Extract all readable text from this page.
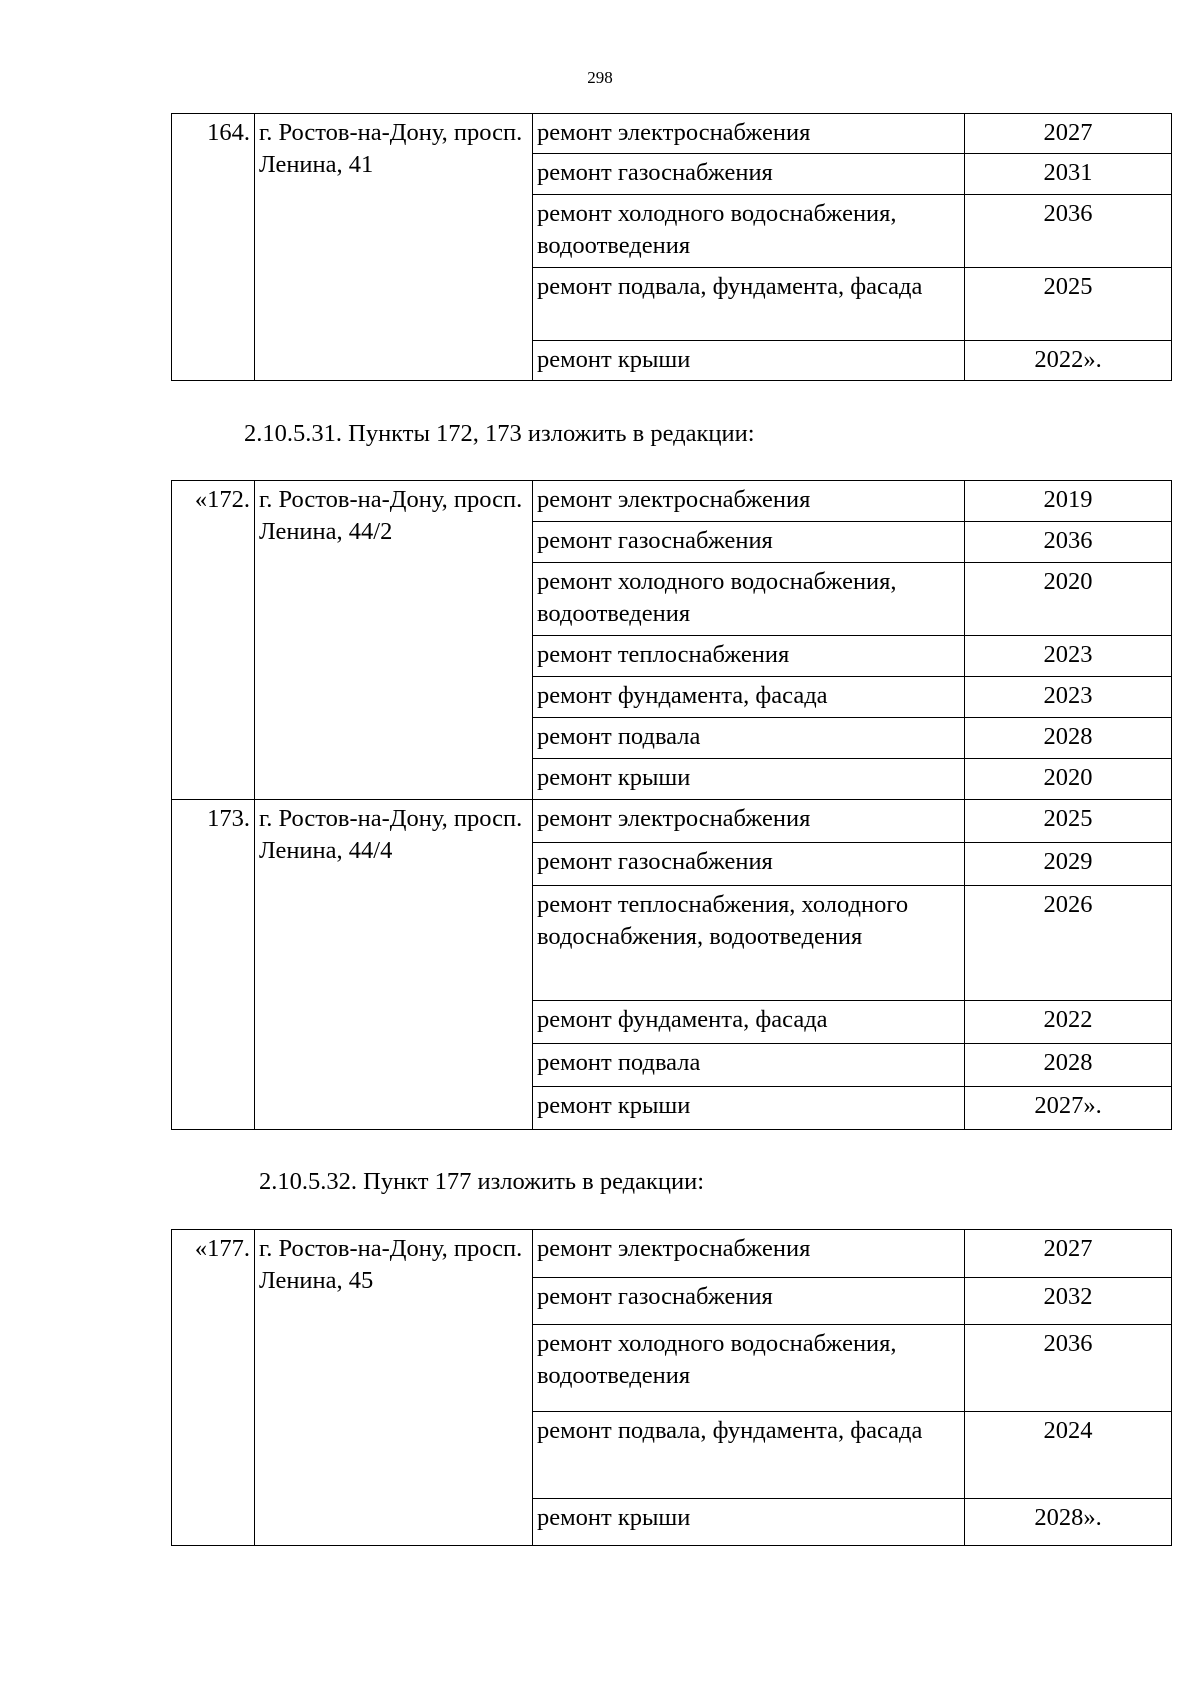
298
164.	г. Ростов-на-Дону, просп. Ленина, 41	ремонт электроснабжения	2027
		ремонт газоснабжения	2031
		ремонт холодного водоснабжения, водоотведения	2036
		ремонт подвала, фундамента, фасада	2025
		ремонт крыши	2022».
2.10.5.31. Пункты 172, 173 изложить в редакции:
«172.	г. Ростов-на-Дону, просп. Ленина, 44/2	ремонт электроснабжения	2019
		ремонт газоснабжения	2036
		ремонт холодного водоснабжения, водоотведения	2020
		ремонт теплоснабжения	2023
		ремонт фундамента, фасада	2023
		ремонт подвала	2028
		ремонт крыши	2020
173.	г. Ростов-на-Дону, просп. Ленина, 44/4	ремонт электроснабжения	2025
		ремонт газоснабжения	2029
		ремонт теплоснабжения, холодного водоснабжения, водоотведения	2026
		ремонт фундамента, фасада	2022
		ремонт подвала	2028
		ремонт крыши	2027».
2.10.5.32. Пункт 177 изложить в редакции:
«177.	г. Ростов-на-Дону, просп. Ленина, 45	ремонт электроснабжения	2027
		ремонт газоснабжения	2032
		ремонт холодного водоснабжения, водоотведения	2036
		ремонт подвала, фундамента, фасада	2024
		ремонт крыши	2028».
